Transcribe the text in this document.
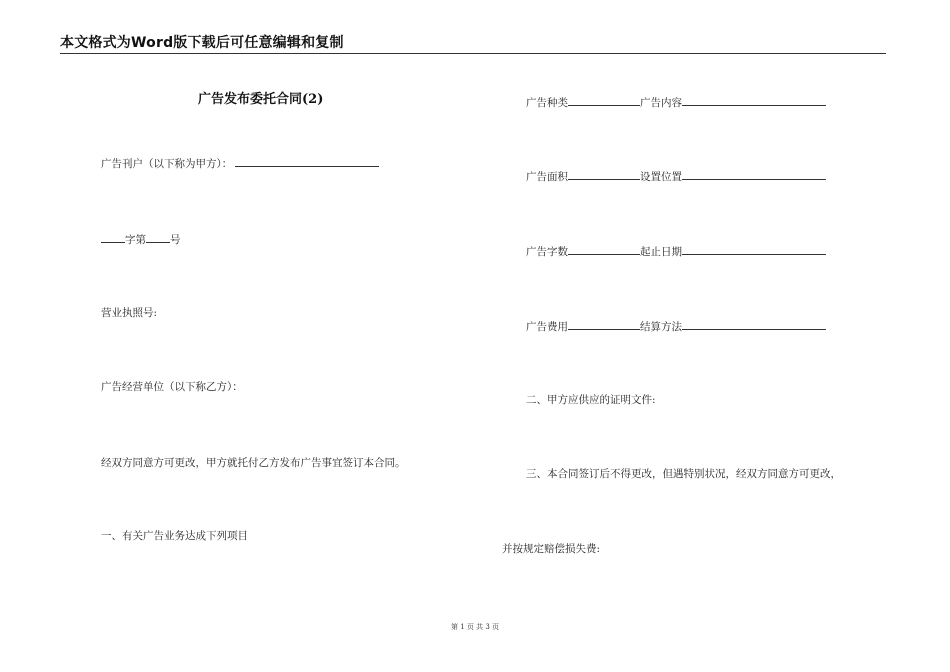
本文格式为Word版下载后可任意编辑和复制
广告发布委托合同(2)
广告刊户（以下称为甲方）：
字第 号
营业执照号:
广告经营单位（以下称乙方）：
经双方同意方可更改，甲方就托付乙方发布广告事宜签订本合同。
一、有关广告业务达成下列项目
广告种类	广告内容
广告面积	设置位置
广告字数	起止日期
广告费用	结算方法
二、甲方应供应的证明文件:
三、本合同签订后不得更改，但遇特别状况，经双方同意方可更改，
并按规定赔偿损失费:
第 1 页 共 3 页
